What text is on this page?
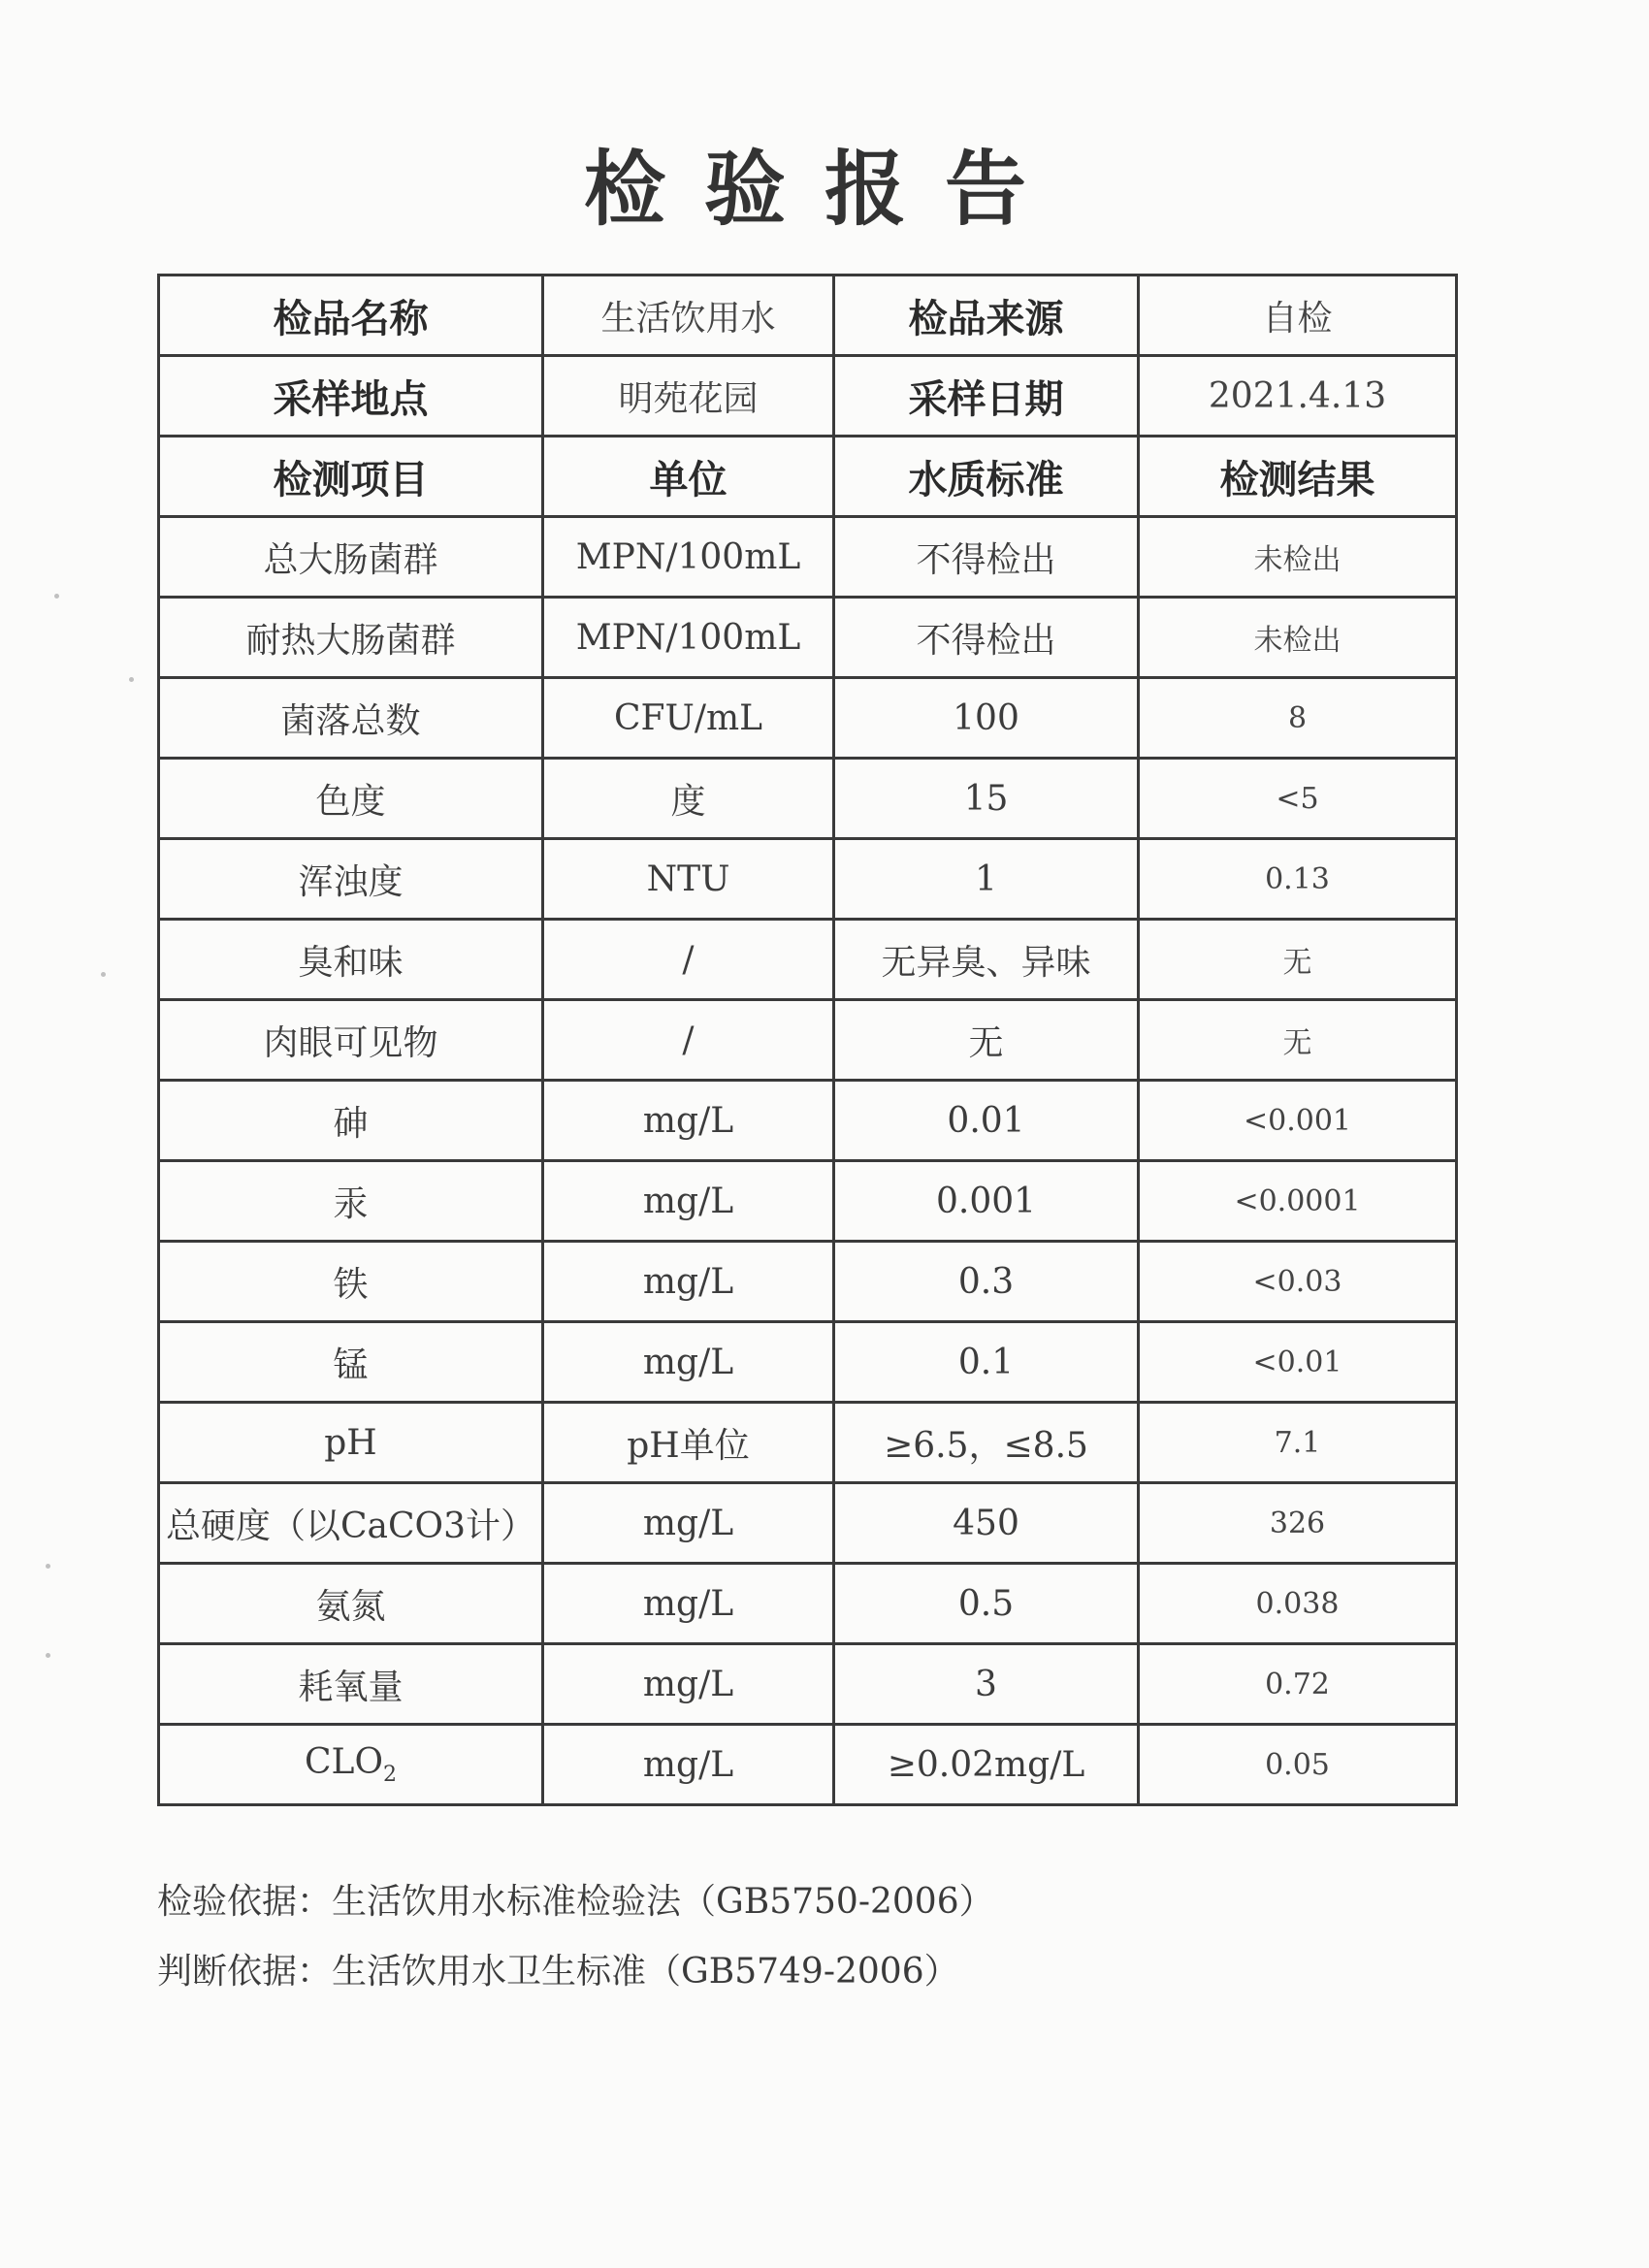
检验报告
检品名称	生活饮用水	检品来源	自检
采样地点	明苑花园	采样日期	2021.4.13
检测项目	单位	水质标准	检测结果
总大肠菌群	MPN/100mL	不得检出	未检出
耐热大肠菌群	MPN/100mL	不得检出	未检出
菌落总数	CFU/mL	100	8
色度	度	15	<5
浑浊度	NTU	1	0.13
臭和味	/	无异臭、异味	无
肉眼可见物	/	无	无
砷	mg/L	0.01	<0.001
汞	mg/L	0.001	<0.0001
铁	mg/L	0.3	<0.03
锰	mg/L	0.1	<0.01
pH	pH单位	≥6.5，≤8.5	7.1
总硬度（以CaCO3计）	mg/L	450	326
氨氮	mg/L	0.5	0.038
耗氧量	mg/L	3	0.72
$CLO_2$	mg/L	≥0.02mg/L	0.05
检验依据：生活饮用水标准检验法（GB5750-2006）
判断依据：生活饮用水卫生标准（GB5749-2006）
